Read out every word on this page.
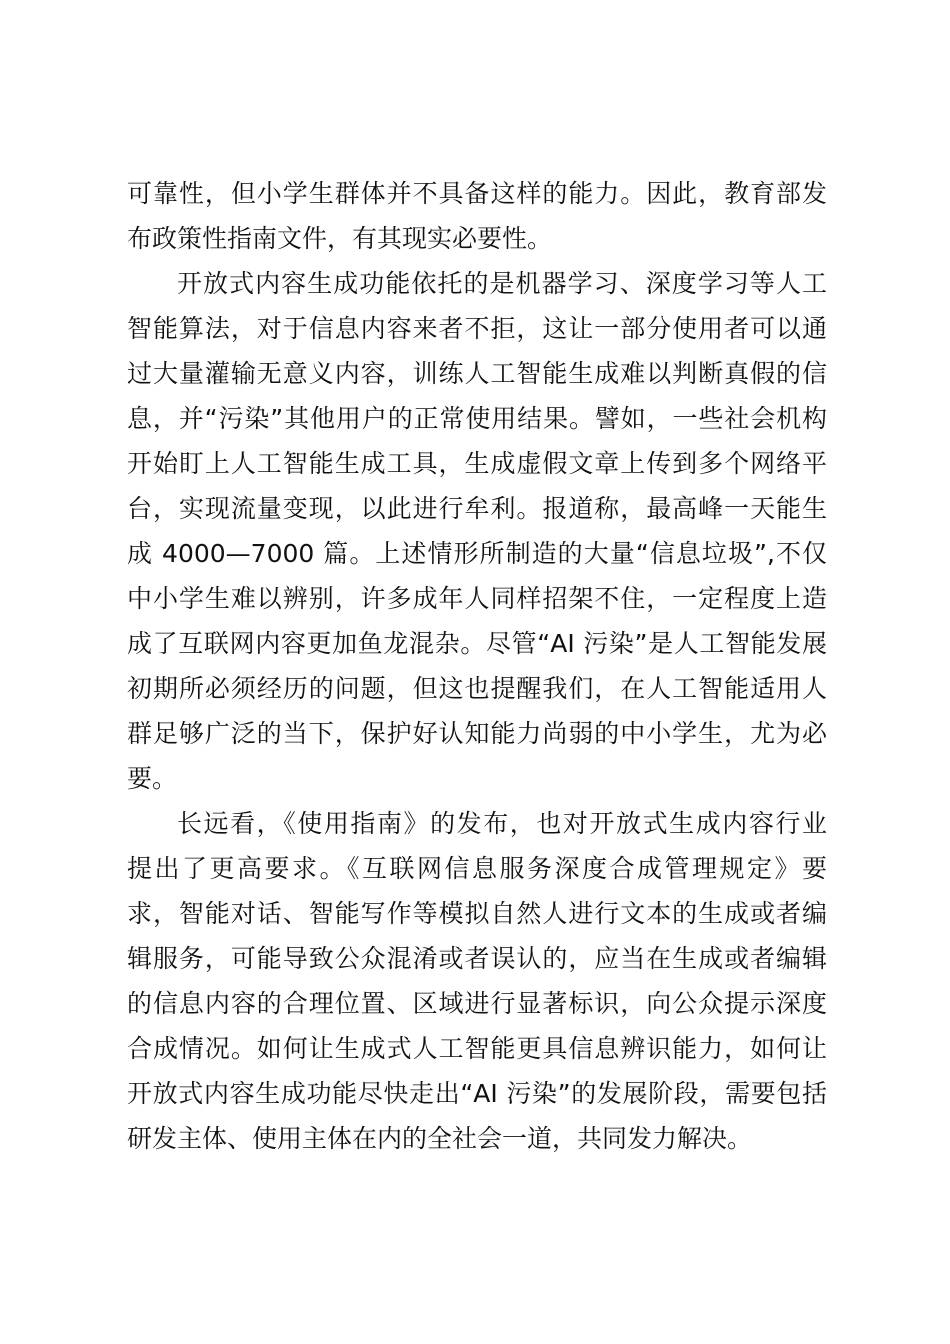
可靠性，但小学生群体并不具备这样的能力。因此，教育部发
布政策性指南文件，有其现实必要性。
开放式内容生成功能依托的是机器学习、深度学习等人工
智能算法，对于信息内容来者不拒，这让一部分使用者可以通
过大量灌输无意义内容，训练人工智能生成难以判断真假的信
息，并“污染”其他用户的正常使用结果。譬如，一些社会机构
开始盯上人工智能生成工具，生成虚假文章上传到多个网络平
台，实现流量变现，以此进行牟利。报道称，最高峰一天能生
成 4000—7000 篇。上述情形所制造的大量“信息垃圾”,不仅
中小学生难以辨别，许多成年人同样招架不住，一定程度上造
成了互联网内容更加鱼龙混杂。尽管“AI 污染”是人工智能发展
初期所必须经历的问题，但这也提醒我们，在人工智能适用人
群足够广泛的当下，保护好认知能力尚弱的中小学生，尤为必
要。
长远看，《使用指南》的发布，也对开放式生成内容行业
提出了更高要求。《互联网信息服务深度合成管理规定》要
求，智能对话、智能写作等模拟自然人进行文本的生成或者编
辑服务，可能导致公众混淆或者误认的，应当在生成或者编辑
的信息内容的合理位置、区域进行显著标识，向公众提示深度
合成情况。如何让生成式人工智能更具信息辨识能力，如何让
开放式内容生成功能尽快走出“AI 污染”的发展阶段，需要包括
研发主体、使用主体在内的全社会一道，共同发力解决。
